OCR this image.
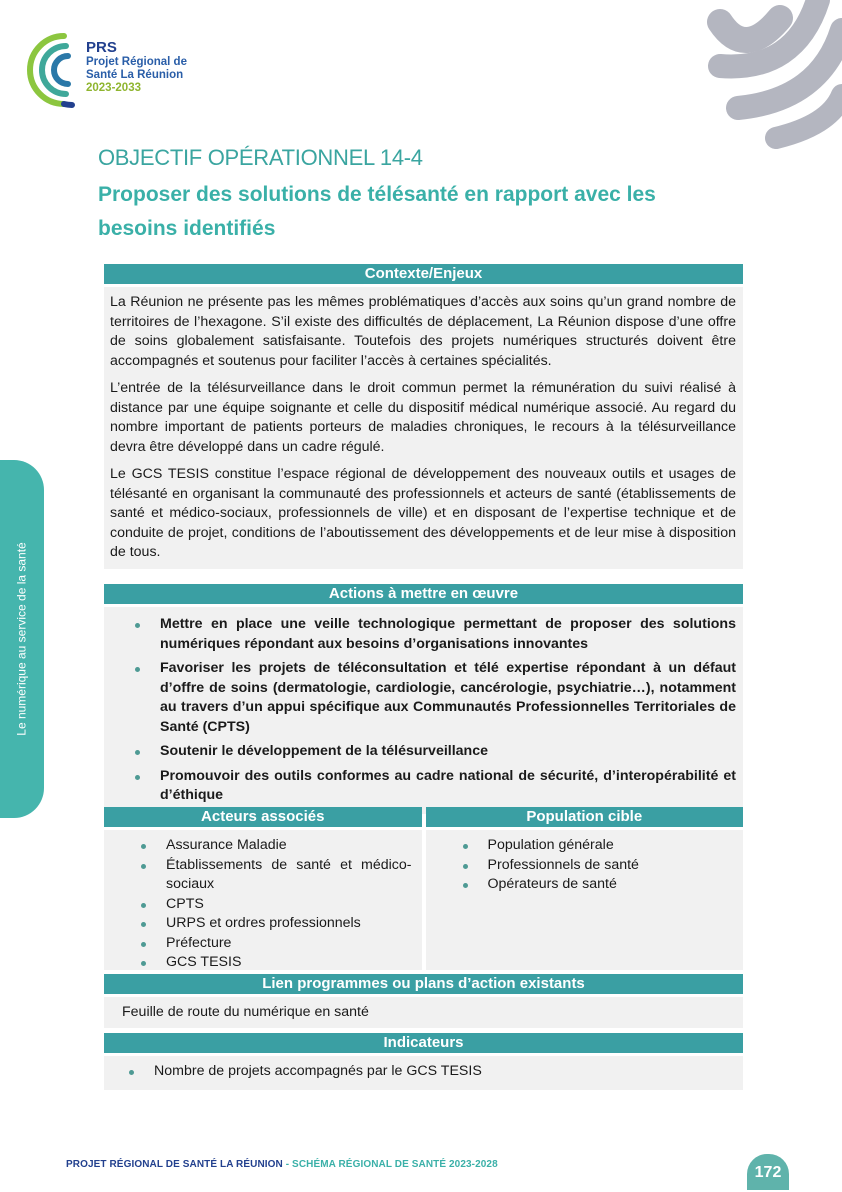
PRS
Projet Régional de
Santé La Réunion
2023-2033
Le numérique au service de la santé
OBJECTIF OPÉRATIONNEL 14-4
Proposer des solutions de télésanté en rapport avec les besoins identifiés
Contexte/Enjeux

La Réunion ne présente pas les mêmes problématiques d’accès aux soins qu’un grand nombre de territoires de l’hexagone. S’il existe des difficultés de déplacement, La Réunion dispose d’une offre de soins globalement satisfaisante. Toutefois des projets numériques structurés doivent être accompagnés et soutenus pour faciliter l’accès à certaines spécialités.

L’entrée de la télésurveillance dans le droit commun permet la rémunération du suivi réalisé à distance par une équipe soignante et celle du dispositif médical numérique associé. Au regard du nombre important de patients porteurs de maladies chroniques, le recours à la télésurveillance devra être développé dans un cadre régulé.

Le GCS TESIS constitue l’espace régional de développement des nouveaux outils et usages de télésanté en organisant la communauté des professionnels et acteurs de santé (établissements de santé et médico-sociaux, professionnels de ville) et en disposant de l’expertise technique et de conduite de projet, conditions de l’aboutissement des développements et de leur mise à disposition de tous.

Actions à mettre en œuvre
Mettre en place une veille technologique permettant de proposer des solutions numériques répondant aux besoins d’organisations innovantes
Favoriser les projets de téléconsultation et télé expertise répondant à un défaut d’offre de soins (dermatologie, cardiologie, cancérologie, psychiatrie…), notamment au travers d’un appui spécifique aux Communautés Professionnelles Territoriales de Santé (CPTS)
Soutenir le développement de la télésurveillance
Promouvoir des outils conformes au cadre national de sécurité, d’interopérabilité et d’éthique
Acteurs associés
Assurance Maladie
Établissements de santé et médico-sociaux
CPTS
URPS et ordres professionnels
Préfecture
GCS TESIS
Population cible
Population générale
Professionnels de santé
Opérateurs de santé
Lien programmes ou plans d’action existants
Feuille de route du numérique en santé
Indicateurs
Nombre de projets accompagnés par le GCS TESIS
PROJET RÉGIONAL DE SANTÉ LA RÉUNION - SCHÉMA RÉGIONAL DE SANTÉ 2023-2028	172
